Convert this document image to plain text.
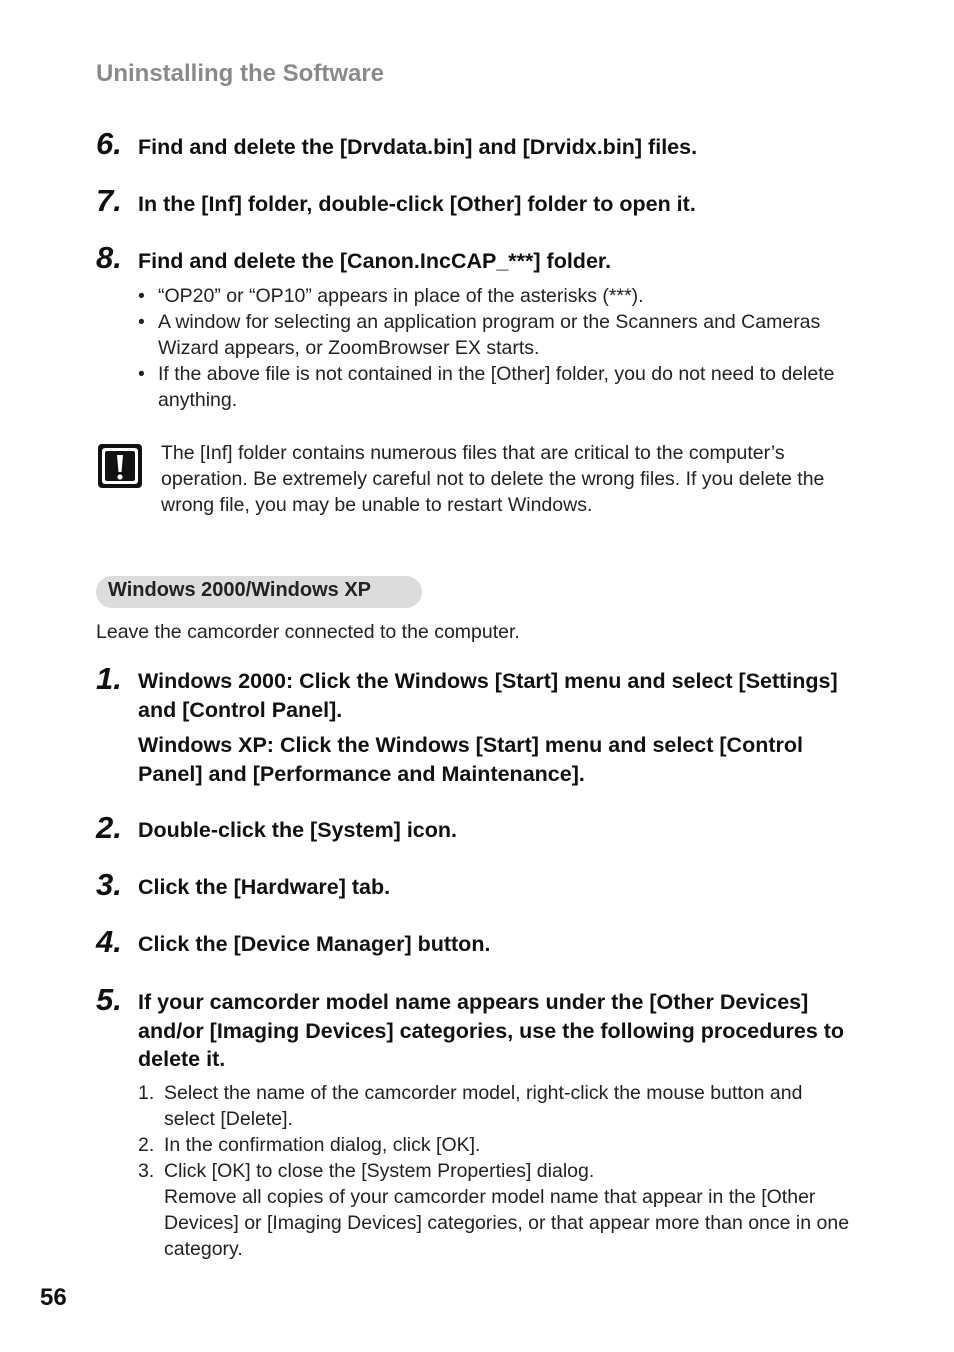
Uninstalling the Software
6. Find and delete the [Drvdata.bin] and [Drvidx.bin] files.
7. In the [Inf] folder, double-click [Other] folder to open it.
8. Find and delete the [Canon.IncCAP_***] folder.
• “OP20” or “OP10” appears in place of the asterisks (***).
• A window for selecting an application program or the Scanners and Cameras Wizard appears, or ZoomBrowser EX starts.
• If the above file is not contained in the [Other] folder, you do not need to delete anything.
The [Inf] folder contains numerous files that are critical to the computer’s operation. Be extremely careful not to delete the wrong files. If you delete the wrong file, you may be unable to restart Windows.
Windows 2000/Windows XP
Leave the camcorder connected to the computer.
1. Windows 2000: Click the Windows [Start] menu and select [Settings] and [Control Panel].
Windows XP: Click the Windows [Start] menu and select [Control Panel] and [Performance and Maintenance].
2. Double-click the [System] icon.
3. Click the [Hardware] tab.
4. Click the [Device Manager] button.
5. If your camcorder model name appears under the [Other Devices] and/or [Imaging Devices] categories, use the following procedures to delete it.
1. Select the name of the camcorder model, right-click the mouse button and select [Delete].
2. In the confirmation dialog, click [OK].
3. Click [OK] to close the [System Properties] dialog.
Remove all copies of your camcorder model name that appear in the [Other Devices] or [Imaging Devices] categories, or that appear more than once in one category.
56
